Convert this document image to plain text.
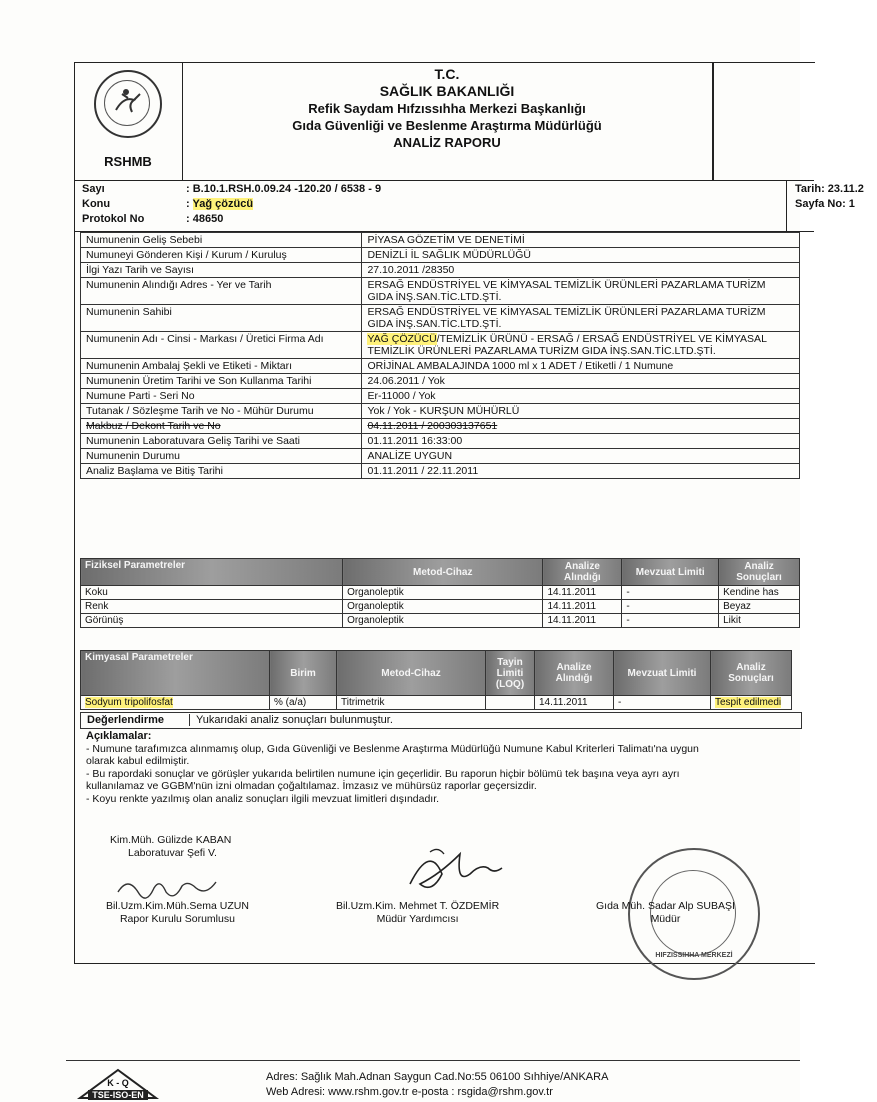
RSHMB
T.C.
SAĞLIK BAKANLIĞI
Refik Saydam Hıfzıssıhha Merkezi Başkanlığı
Gıda Güvenliği ve Beslenme Araştırma Müdürlüğü
ANALİZ RAPORU
Sayı	: B.10.1.RSH.0.09.24 -120.20 / 6538 - 9
Konu	: Yağ çözücü
Protokol No	: 48650
Tarih: 23.11.2
Sayfa No: 1
Numunenin Geliş Sebebi	PİYASA GÖZETİM VE DENETİMİ
Numuneyi Gönderen Kişi / Kurum / Kuruluş	DENİZLİ İL SAĞLIK MÜDÜRLÜĞÜ
İlgi Yazı Tarih ve Sayısı	27.10.2011 /28350
Numunenin Alındığı Adres - Yer ve Tarih	ERSAĞ ENDÜSTRİYEL VE KİMYASAL TEMİZLİK ÜRÜNLERİ PAZARLAMA TURİZM GIDA İNŞ.SAN.TİC.LTD.ŞTİ.
Numunenin Sahibi	ERSAĞ ENDÜSTRİYEL VE KİMYASAL TEMİZLİK ÜRÜNLERİ PAZARLAMA TURİZM GIDA İNŞ.SAN.TİC.LTD.ŞTİ.
Numunenin Adı - Cinsi - Markası / Üretici Firma Adı	YAĞ ÇÖZÜCÜ/TEMİZLİK ÜRÜNÜ - ERSAĞ / ERSAĞ ENDÜSTRİYEL VE KİMYASAL TEMİZLİK ÜRÜNLERİ PAZARLAMA TURİZM GIDA İNŞ.SAN.TİC.LTD.ŞTİ.
Numunenin Ambalaj Şekli ve Etiketi - Miktarı	ORİJİNAL AMBALAJINDA 1000 ml x 1 ADET / Etiketli / 1 Numune
Numunenin Üretim Tarihi ve Son Kullanma Tarihi	24.06.2011 / Yok
Numune Parti - Seri No	Er-11000 / Yok
Tutanak / Sözleşme Tarih ve No - Mühür Durumu	Yok / Yok - KURŞUN MÜHÜRLÜ
Makbuz / Dekont Tarih ve No	04.11.2011 / 200303137651
Numunenin Laboratuvara Geliş Tarihi ve Saati	01.11.2011 16:33:00
Numunenin Durumu	ANALİZE UYGUN
Analiz Başlama ve Bitiş Tarihi	01.11.2011 / 22.11.2011
Fiziksel Parametreler	Metod-Cihaz	Analize Alındığı	Mevzuat Limiti	Analiz Sonuçları
Koku	Organoleptik	14.11.2011	-	Kendine has
Renk	Organoleptik	14.11.2011	-	Beyaz
Görünüş	Organoleptik	14.11.2011	-	Likit
Kimyasal Parametreler	Birim	Metod-Cihaz	Tayin Limiti (LOQ)	Analize Alındığı	Mevzuat Limiti	Analiz Sonuçları
Sodyum tripolifosfat	% (a/a)	Titrimetrik		14.11.2011	-	Tespit edilmedi
Değerlendirme	Yukarıdaki analiz sonuçları bulunmuştur.
Açıklamalar:
- Numune tarafımızca alınmamış olup, Gıda Güvenliği ve Beslenme Araştırma Müdürlüğü Numune Kabul Kriterleri Talimatı'na uygun
olarak kabul edilmiştir.
- Bu rapordaki sonuçlar ve görüşler yukarıda belirtilen numune için geçerlidir. Bu raporun hiçbir bölümü tek başına veya ayrı ayrı
kullanılamaz ve GGBM'nün izni olmadan çoğaltılamaz. İmzasız ve mühürsüz raporlar geçersizdir.
- Koyu renkte yazılmış olan analiz sonuçları ilgili mevzuat limitleri dışındadır.
Kim.Müh. Gülizde KABAN
Laboratuvar Şefi V.
Bil.Uzm.Kim.Müh.Sema UZUN
Rapor Kurulu Sorumlusu
Bil.Uzm.Kim. Mehmet T. ÖZDEMİR
Müdür Yardımcısı
HIFZISSIHHA MERKEZİ
Gıda Müh. Sadar Alp SUBAŞI
Müdür
K - Q
TSE-ISO-EN
Adres: Sağlık Mah.Adnan Saygun Cad.No:55 06100 Sıhhiye/ANKARA
Web Adresi: www.rshm.gov.tr e-posta : rsgida@rshm.gov.tr
